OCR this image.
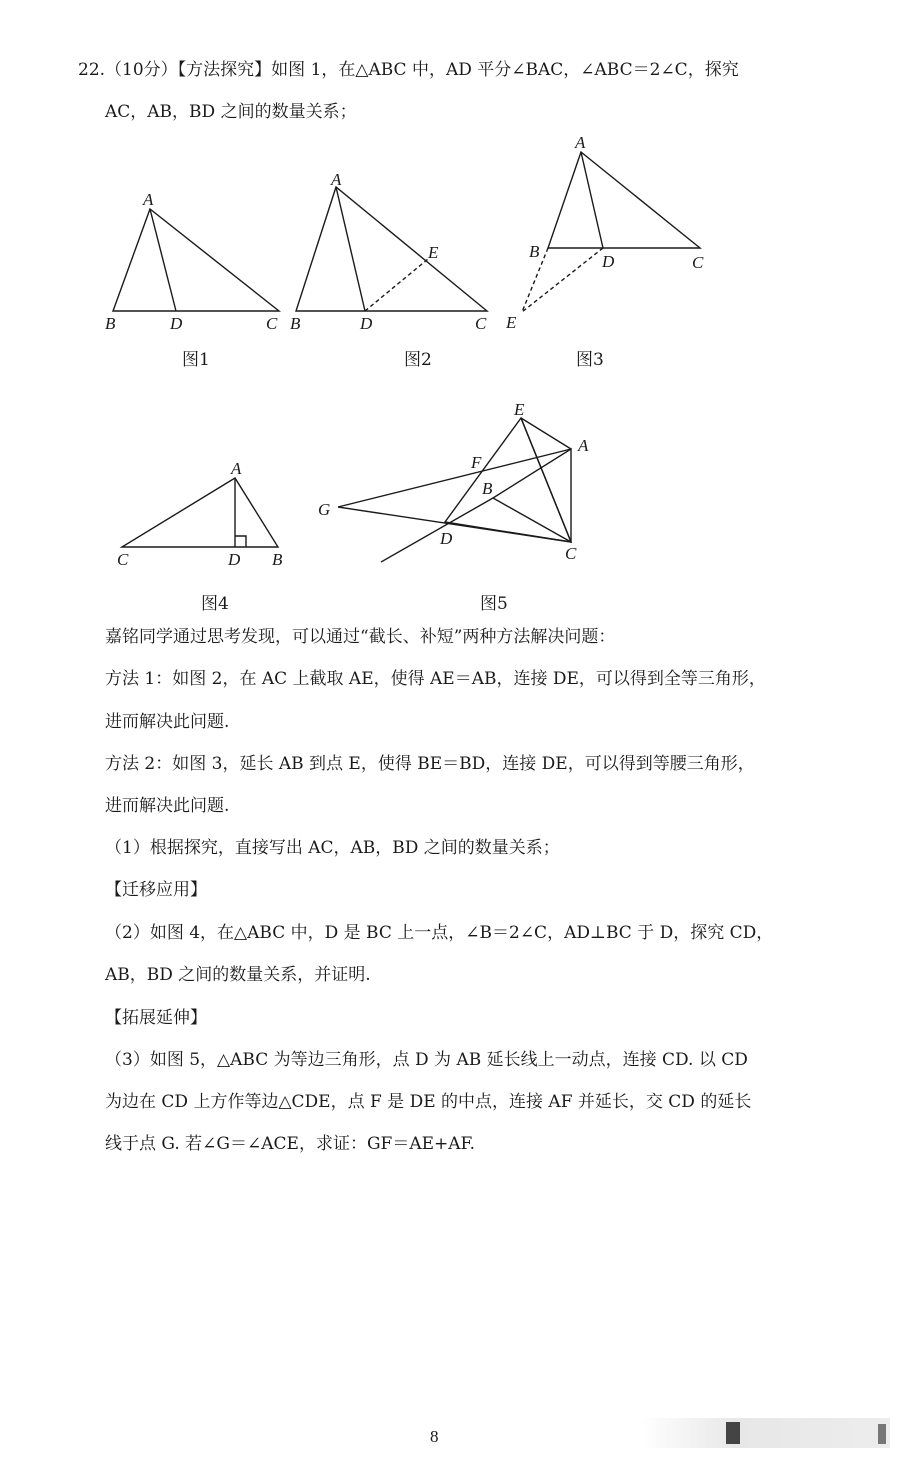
22.（10分）【方法探究】如图 1，在△ABC 中，AD 平分∠BAC，∠ABC＝2∠C，探究
AC，AB，BD 之间的数量关系；
A
B	D	C
A
E
B	D	C
A
B
D	C
E
A
C	D B
E
A
F
B
G
D
C
图1	图2	图3
图4	图5
嘉铭同学通过思考发现，可以通过“截长、补短”两种方法解决问题：
方法 1：如图 2，在 AC 上截取 AE，使得 AE＝AB，连接 DE，可以得到全等三角形，
进而解决此问题.
方法 2：如图 3，延长 AB 到点 E，使得 BE＝BD，连接 DE，可以得到等腰三角形，
进而解决此问题.
（1）根据探究，直接写出 AC，AB，BD 之间的数量关系；
【迁移应用】
（2）如图 4，在△ABC 中，D 是 BC 上一点，∠B＝2∠C，AD⊥BC 于 D，探究 CD，
AB，BD 之间的数量关系，并证明.
【拓展延伸】
（3）如图 5，△ABC 为等边三角形，点 D 为 AB 延长线上一动点，连接 CD. 以 CD
为边在 CD 上方作等边△CDE，点 F 是 DE 的中点，连接 AF 并延长，交 CD 的延长
线于点 G. 若∠G＝∠ACE，求证：GF＝AE+AF.
8
